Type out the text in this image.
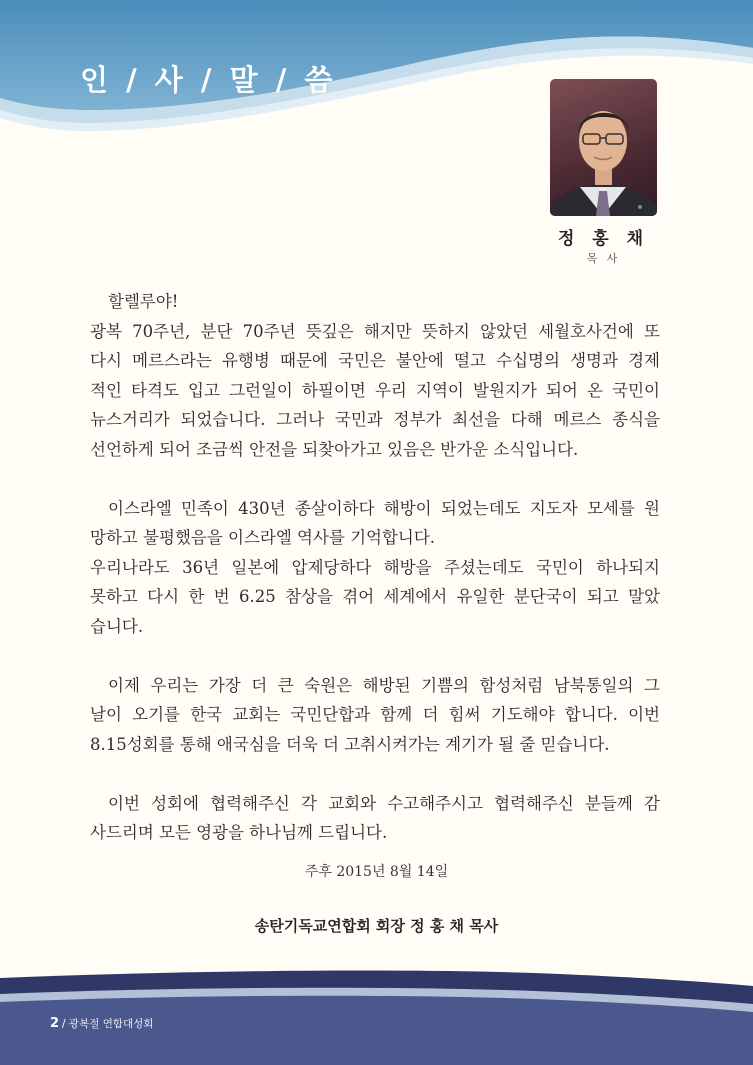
인 / 사 / 말 / 씀
정 홍 채
목 사

할렐루야!

광복 70주년, 분단 70주년 뜻깊은 해지만 뜻하지 않았던 세월호사건에 또

다시 메르스라는 유행병 때문에 국민은 불안에 떨고 수십명의 생명과 경제

적인 타격도 입고 그런일이 하필이면 우리 지역이 발원지가 되어 온 국민이

뉴스거리가 되었습니다. 그러나 국민과 정부가 최선을 다해 메르스 종식을

선언하게 되어 조금씩 안전을 되찾아가고 있음은 반가운 소식입니다.

이스라엘 민족이 430년 종살이하다 해방이 되었는데도 지도자 모세를 원

망하고 불평했음을 이스라엘 역사를 기억합니다.

우리나라도 36년 일본에 압제당하다 해방을 주셨는데도 국민이 하나되지

못하고 다시 한 번 6.25 참상을 겪어 세계에서 유일한 분단국이 되고 말았

습니다.

이제 우리는 가장 더 큰 숙원은 해방된 기쁨의 함성처럼 남북통일의 그

날이 오기를 한국 교회는 국민단합과 함께 더 힘써 기도해야 합니다. 이번

8.15성회를 통해 애국심을 더욱 더 고취시켜가는 계기가 될 줄 믿습니다.

이번 성회에 협력해주신 각 교회와 수고해주시고 협력해주신 분들께 감

사드리며 모든 영광을 하나님께 드립니다.

주후 2015년 8월 14일
송탄기독교연합회 회장 정 홍 채 목사
2 / 광복절 연합대성회
